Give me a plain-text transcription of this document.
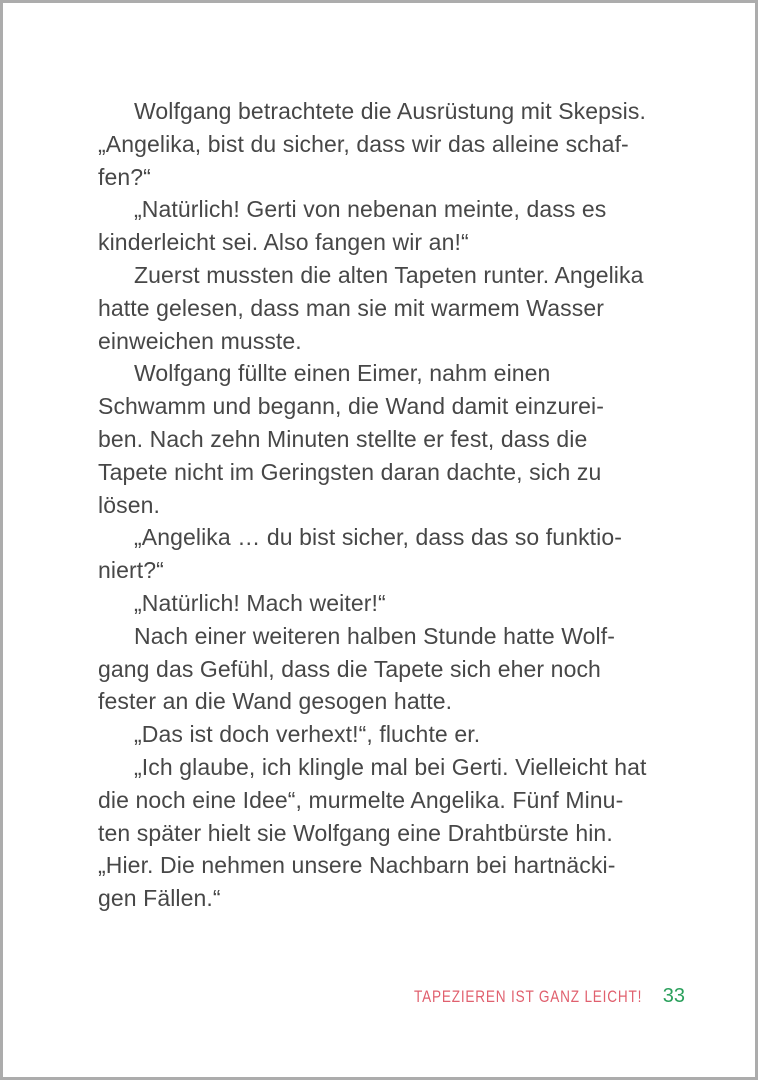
Wolfgang betrachtete die Ausrüstung mit Skepsis.
„Angelika, bist du sicher, dass wir das alleine schaf-
fen?“

„Natürlich! Gerti von nebenan meinte, dass es
kinderleicht sei. Also fangen wir an!“

Zuerst mussten die alten Tapeten runter. Angelika
hatte gelesen, dass man sie mit warmem Wasser
einweichen musste.

Wolfgang füllte einen Eimer, nahm einen
Schwamm und begann, die Wand damit einzurei-
ben. Nach zehn Minuten stellte er fest, dass die
Tapete nicht im Geringsten daran dachte, sich zu
lösen.

„Angelika … du bist sicher, dass das so funktio-
niert?“

„Natürlich! Mach weiter!“

Nach einer weiteren halben Stunde hatte Wolf-
gang das Gefühl, dass die Tapete sich eher noch
fester an die Wand gesogen hatte.

„Das ist doch verhext!“, fluchte er.

„Ich glaube, ich klingle mal bei Gerti. Vielleicht hat
die noch eine Idee“, murmelte Angelika. Fünf Minu-
ten später hielt sie Wolfgang eine Drahtbürste hin.
„Hier. Die nehmen unsere Nachbarn bei hartnäcki-
gen Fällen.“

TAPEZIEREN IST GANZ LEICHT! 33
